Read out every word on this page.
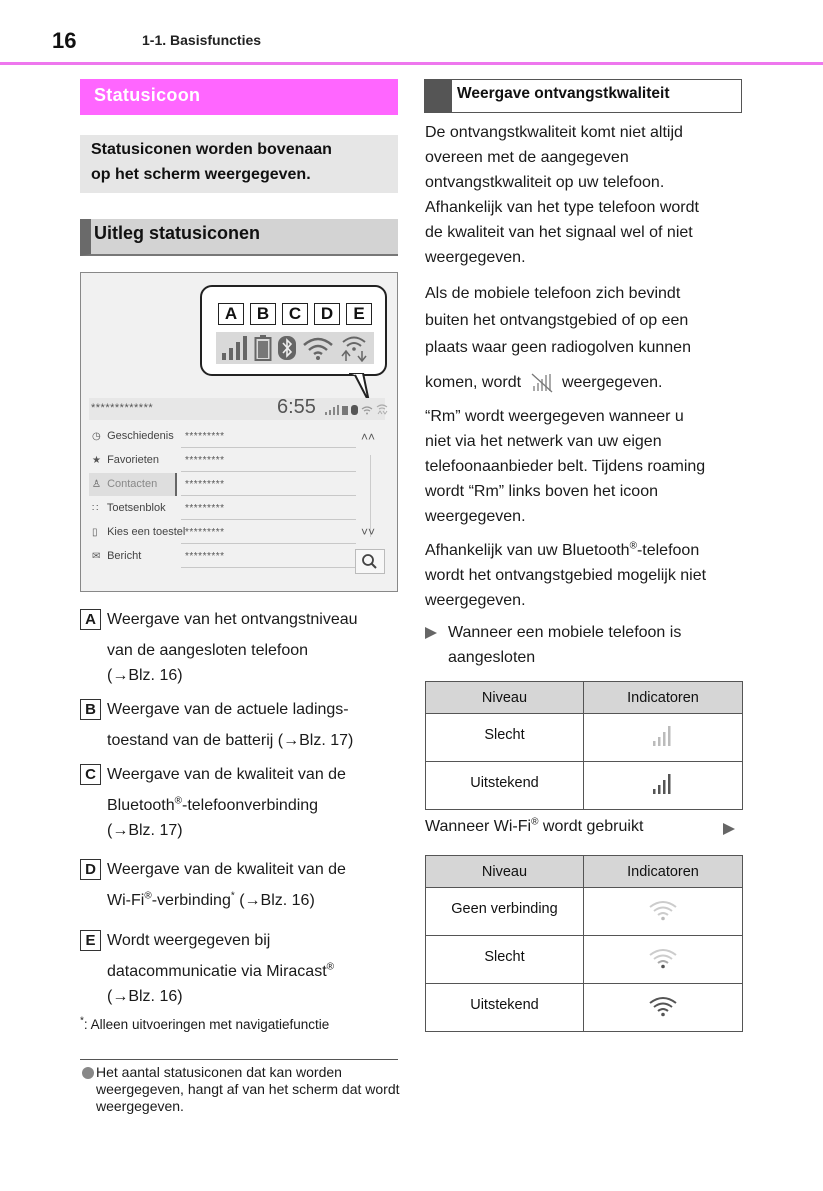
16	1-1. Basisfuncties
Statusicoon
Statusiconen worden bovenaan
op het scherm weergegeven.
Uitleg statusiconen
A	B	C	D	E
*************	6:55
◷ Geschiedenis	*********
★ Favorieten	*********
♙ Contacten	*********
∷ Toetsenblok	*********
▯ Kies een toestel *********
✉ Bericht	*********
˄˄
˅˅
A Weergave van het ontvangstniveau
van de aangesloten telefoon
(→Blz. 16)
B Weergave van de actuele ladings-
toestand van de batterij (→Blz. 17)
C Weergave van de kwaliteit van de
Bluetooth®-telefoonverbinding
(→Blz. 17)
D Weergave van de kwaliteit van de
Wi-Fi®-verbinding* (→Blz. 16)
E Wordt weergegeven bij
datacommunicatie via Miracast®
(→Blz. 16)
*: Alleen uitvoeringen met navigatiefunctie
Het aantal statusiconen dat kan worden weergegeven, hangt af van het scherm dat wordt weergegeven.
Weergave ontvangstkwaliteit
De ontvangstkwaliteit komt niet altijd
overeen met de aangegeven
ontvangstkwaliteit op uw telefoon.
Afhankelijk van het type telefoon wordt
de kwaliteit van het signaal wel of niet
weergegeven.
Als de mobiele telefoon zich bevindt
buiten het ontvangstgebied of op een
plaats waar geen radiogolven kunnen
komen, wordt	weergegeven.
“Rm” wordt weergegeven wanneer u
niet via het netwerk van uw eigen
telefoonaanbieder belt. Tijdens roaming
wordt “Rm” links boven het icoon
weergegeven.
Afhankelijk van uw Bluetooth®-telefoon
wordt het ontvangstgebied mogelijk niet
weergegeven.
Wanneer een mobiele telefoon is
aangesloten
Niveau	Indicatoren
Slecht	
Uitstekend	
Wanneer Wi-Fi® wordt gebruikt
Niveau	Indicatoren
Geen verbinding	
Slecht	
Uitstekend	
